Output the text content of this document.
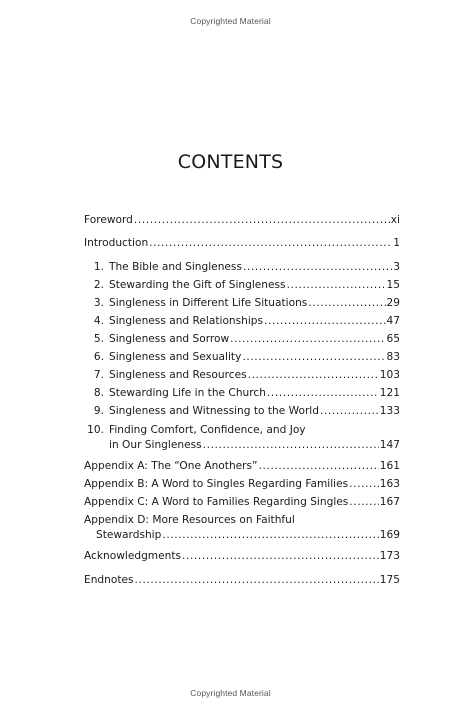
Copyrighted Material
CONTENTS
Foreword .....	xi
Introduction .....	1
1. The Bible and Singleness .....	3
2. Stewarding the Gift of Singleness .....	15
3. Singleness in Different Life Situations .....	29
4. Singleness and Relationships .....	47
5. Singleness and Sorrow .....	65
6. Singleness and Sexuality .....	83
7. Singleness and Resources .....	103
8. Stewarding Life in the Church .....	121
9. Singleness and Witnessing to the World .....	133
10. Finding Comfort, Confidence, and Joy
in Our Singleness .....	147
Appendix A: The “One Anothers” .....	161
Appendix B: A Word to Singles Regarding Families .....	163
Appendix C: A Word to Families Regarding Singles .....	167
Appendix D: More Resources on Faithful
Stewardship .....	169
Acknowledgments .....	173
Endnotes .....	175
Copyrighted Material
